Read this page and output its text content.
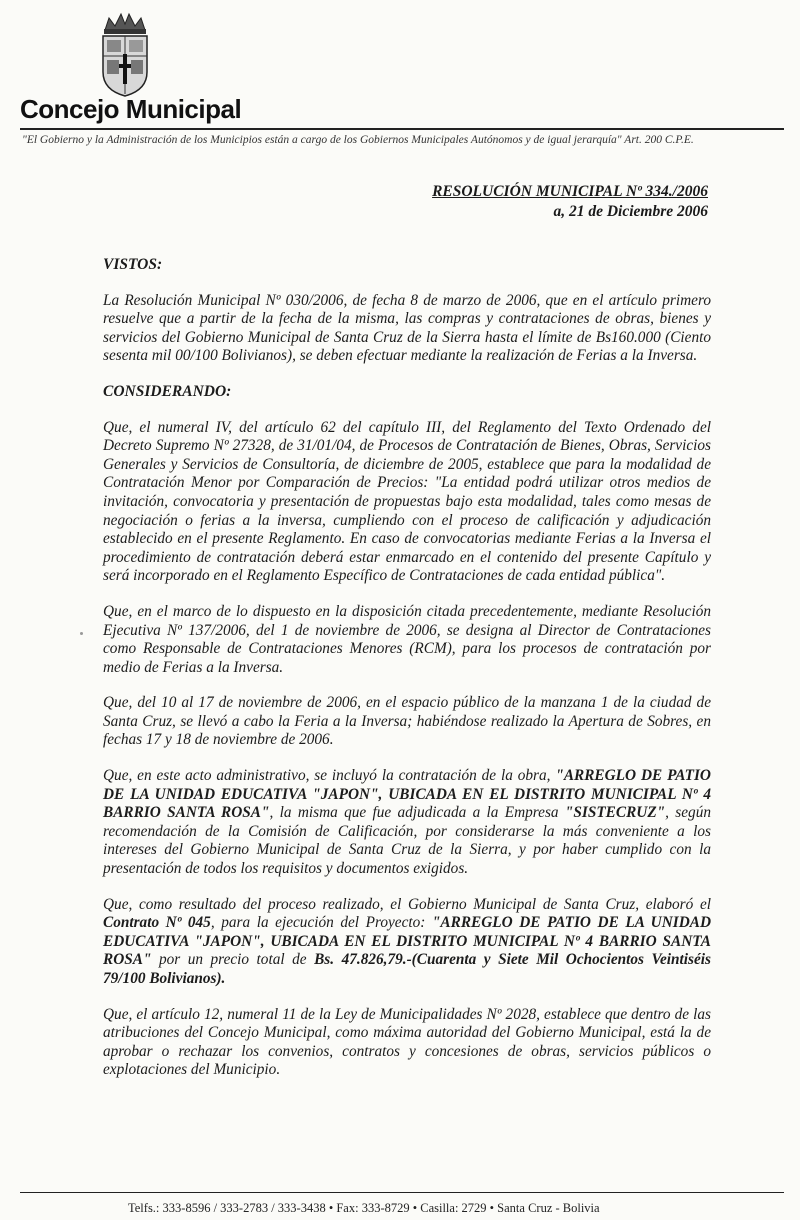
Concejo Municipal
"El Gobierno y la Administración de los Municipios están a cargo de los Gobiernos Municipales Autónomos y de igual jerarquía" Art. 200 C.P.E.
RESOLUCIÓN MUNICIPAL Nº 334./2006
a, 21 de Diciembre 2006
VISTOS:
La Resolución Municipal Nº 030/2006, de fecha 8 de marzo de 2006, que en el artículo primero resuelve que a partir de la fecha de la misma, las compras y contrataciones de obras, bienes y servicios del Gobierno Municipal de Santa Cruz de la Sierra hasta el límite de Bs160.000 (Ciento sesenta mil 00/100 Bolivianos), se deben efectuar mediante la realización de Ferias a la Inversa.
CONSIDERANDO:
Que, el numeral IV, del artículo 62 del capítulo III, del Reglamento del Texto Ordenado del Decreto Supremo Nº 27328, de 31/01/04, de Procesos de Contratación de Bienes, Obras, Servicios Generales y Servicios de Consultoría, de diciembre de 2005, establece que para la modalidad de Contratación Menor por Comparación de Precios: "La entidad podrá utilizar otros medios de invitación, convocatoria y presentación de propuestas bajo esta modalidad, tales como mesas de negociación o ferias a la inversa, cumpliendo con el proceso de calificación y adjudicación establecido en el presente Reglamento. En caso de convocatorias mediante Ferias a la Inversa el procedimiento de contratación deberá estar enmarcado en el contenido del presente Capítulo y será incorporado en el Reglamento Específico de Contrataciones de cada entidad pública".
Que, en el marco de lo dispuesto en la disposición citada precedentemente, mediante Resolución Ejecutiva Nº 137/2006, del 1 de noviembre de 2006, se designa al Director de Contrataciones como Responsable de Contrataciones Menores (RCM), para los procesos de contratación por medio de Ferias a la Inversa.
Que, del 10 al 17 de noviembre de 2006, en el espacio público de la manzana 1 de la ciudad de Santa Cruz, se llevó a cabo la Feria a la Inversa; habiéndose realizado la Apertura de Sobres, en fechas 17 y 18 de noviembre de 2006.
Que, en este acto administrativo, se incluyó la contratación de la obra, "ARREGLO DE PATIO DE LA UNIDAD EDUCATIVA "JAPON", UBICADA EN EL DISTRITO MUNICIPAL Nº 4 BARRIO SANTA ROSA", la misma que fue adjudicada a la Empresa "SISTECRUZ", según recomendación de la Comisión de Calificación, por considerarse la más conveniente a los intereses del Gobierno Municipal de Santa Cruz de la Sierra, y por haber cumplido con la presentación de todos los requisitos y documentos exigidos.
Que, como resultado del proceso realizado, el Gobierno Municipal de Santa Cruz, elaboró el Contrato Nº 045, para la ejecución del Proyecto: "ARREGLO DE PATIO DE LA UNIDAD EDUCATIVA "JAPON", UBICADA EN EL DISTRITO MUNICIPAL Nº 4 BARRIO SANTA ROSA" por un precio total de Bs. 47.826,79.-(Cuarenta y Siete Mil Ochocientos Veintiséis 79/100 Bolivianos).
Que, el artículo 12, numeral 11 de la Ley de Municipalidades Nº 2028, establece que dentro de las atribuciones del Concejo Municipal, como máxima autoridad del Gobierno Municipal, está la de aprobar o rechazar los convenios, contratos y concesiones de obras, servicios públicos o explotaciones del Municipio.
Telfs.: 333-8596 / 333-2783 / 333-3438 • Fax: 333-8729 • Casilla: 2729 • Santa Cruz - Bolivia
